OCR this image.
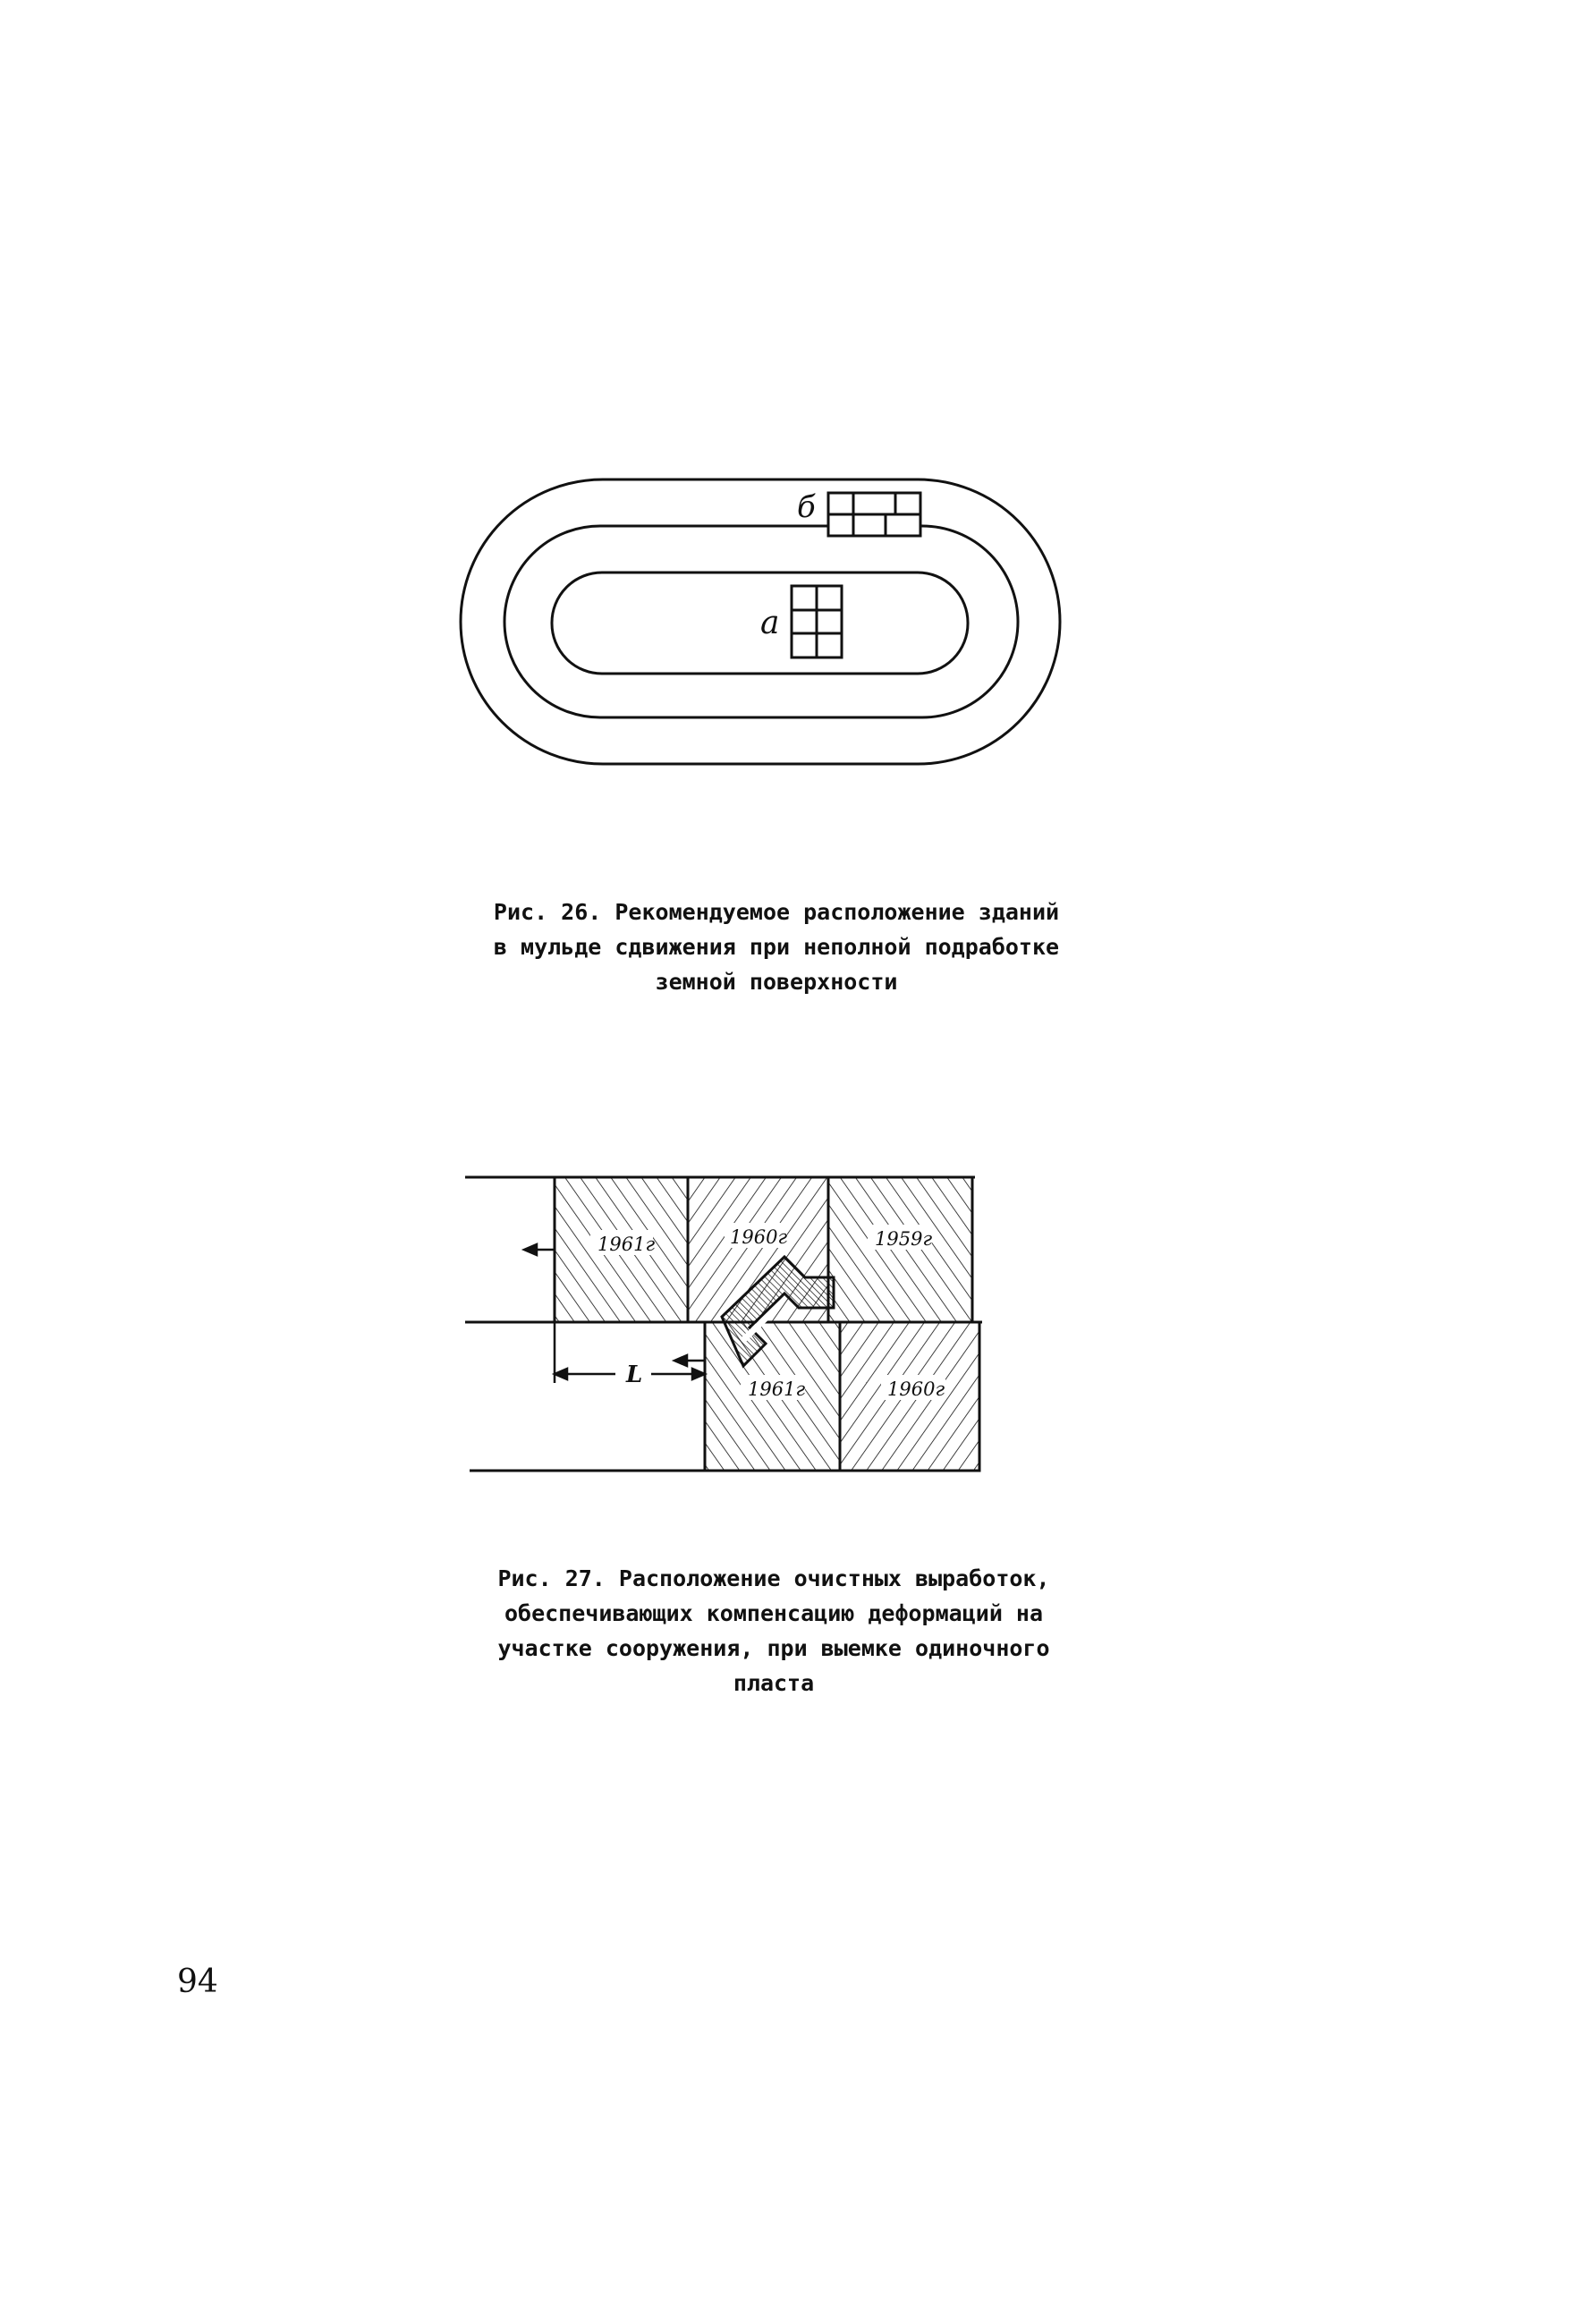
б
а

Рис. 26. Рекомендуемое расположение зданий
в мульде сдвижения при неполной подработке
земной поверхности

L
1961г	1960г	1959г
1961г	1960г

Рис. 27. Расположение очистных выработок,
обеспечивающих компенсацию деформаций на
участке сооружения, при выемке одиночного
пласта

94
